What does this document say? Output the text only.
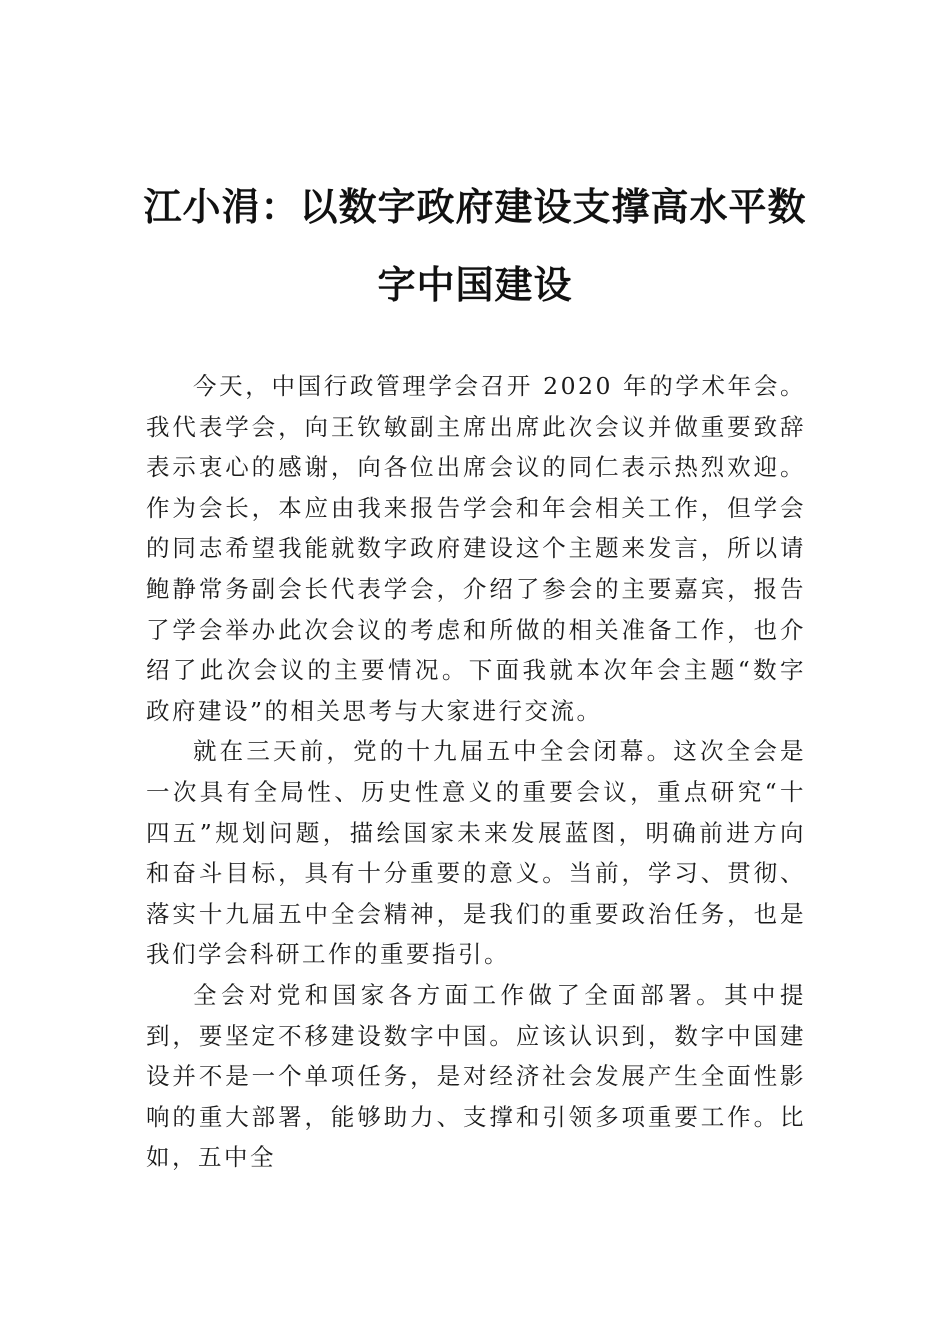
江小涓：以数字政府建设支撑高水平数字中国建设

今天，中国行政管理学会召开 2020 年的学术年会。我代表学会，向王钦敏副主席出席此次会议并做重要致辞表示衷心的感谢，向各位出席会议的同仁表示热烈欢迎。作为会长，本应由我来报告学会和年会相关工作，但学会的同志希望我能就数字政府建设这个主题来发言，所以请鲍静常务副会长代表学会，介绍了参会的主要嘉宾，报告了学会举办此次会议的考虑和所做的相关准备工作，也介绍了此次会议的主要情况。下面我就本次年会主题“数字政府建设”的相关思考与大家进行交流。

就在三天前，党的十九届五中全会闭幕。这次全会是一次具有全局性、历史性意义的重要会议，重点研究“十四五”规划问题，描绘国家未来发展蓝图，明确前进方向和奋斗目标，具有十分重要的意义。当前，学习、贯彻、落实十九届五中全会精神，是我们的重要政治任务，也是我们学会科研工作的重要指引。

全会对党和国家各方面工作做了全面部署。其中提到，要坚定不移建设数字中国。应该认识到，数字中国建设并不是一个单项任务，是对经济社会发展产生全面性影响的重大部署，能够助力、支撑和引领多项重要工作。比如，五中全
